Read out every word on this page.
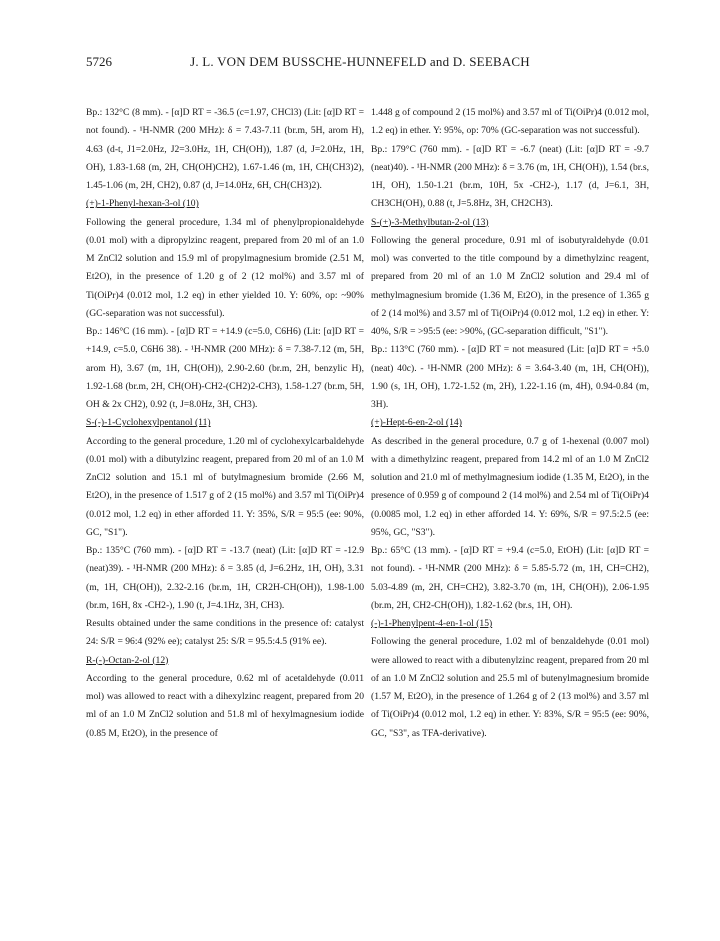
5726	J. L. VON DEM BUSSCHE-HUNNEFELD and D. SEEBACH

Bp.: 132°C (8 mm). - [α]D RT = -36.5 (c=1.97, CHCl3) (Lit: [α]D RT = not found). - ¹H-NMR (200 MHz): δ = 7.43-7.11 (br.m, 5H, arom H), 4.63 (d-t, J1=2.0Hz, J2=3.0Hz, 1H, CH(OH)), 1.87 (d, J=2.0Hz, 1H, OH), 1.83-1.68 (m, 2H, CH(OH)CH2), 1.67-1.46 (m, 1H, CH(CH3)2), 1.45-1.06 (m, 2H, CH2), 0.87 (d, J=14.0Hz, 6H, CH(CH3)2).

(+)-1-Phenyl-hexan-3-ol (10)

Following the general procedure, 1.34 ml of phenylpropionaldehyde (0.01 mol) with a dipropylzinc reagent, prepared from 20 ml of an 1.0 M ZnCl2 solution and 15.9 ml of propylmagnesium bromide (2.51 M, Et2O), in the presence of 1.20 g of 2 (12 mol%) and 3.57 ml of Ti(OiPr)4 (0.012 mol, 1.2 eq) in ether yielded 10. Y: 60%, op: ~90% (GC-separation was not successful).

Bp.: 146°C (16 mm). - [α]D RT = +14.9 (c=5.0, C6H6) (Lit: [α]D RT = +14.9, c=5.0, C6H6 38). - ¹H-NMR (200 MHz): δ = 7.38-7.12 (m, 5H, arom H), 3.67 (m, 1H, CH(OH)), 2.90-2.60 (br.m, 2H, benzylic H), 1.92-1.68 (br.m, 2H, CH(OH)-CH2-(CH2)2-CH3), 1.58-1.27 (br.m, 5H, OH & 2x CH2), 0.92 (t, J=8.0Hz, 3H, CH3).

S-(-)-1-Cyclohexylpentanol (11)

According to the general procedure, 1.20 ml of cyclohexylcarbaldehyde (0.01 mol) with a dibutylzinc reagent, prepared from 20 ml of an 1.0 M ZnCl2 solution and 15.1 ml of butylmagnesium bromide (2.66 M, Et2O), in the presence of 1.517 g of 2 (15 mol%) and 3.57 ml Ti(OiPr)4 (0.012 mol, 1.2 eq) in ether afforded 11. Y: 35%, S/R = 95:5 (ee: 90%, GC, "S1").

Bp.: 135°C (760 mm). - [α]D RT = -13.7 (neat) (Lit: [α]D RT = -12.9 (neat)39). - ¹H-NMR (200 MHz): δ = 3.85 (d, J=6.2Hz, 1H, OH), 3.31 (m, 1H, CH(OH)), 2.32-2.16 (br.m, 1H, CR2H-CH(OH)), 1.98-1.00 (br.m, 16H, 8x -CH2-), 1.90 (t, J=4.1Hz, 3H, CH3).

Results obtained under the same conditions in the presence of: catalyst 24: S/R = 96:4 (92% ee); catalyst 25: S/R = 95.5:4.5 (91% ee).

R-(-)-Octan-2-ol (12)

According to the general procedure, 0.62 ml of acetaldehyde (0.011 mol) was allowed to react with a dihexylzinc reagent, prepared from 20 ml of an 1.0 M ZnCl2 solution and 51.8 ml of hexylmagnesium iodide (0.85 M, Et2O), in the presence of

1.448 g of compound 2 (15 mol%) and 3.57 ml of Ti(OiPr)4 (0.012 mol, 1.2 eq) in ether. Y: 95%, op: 70% (GC-separation was not successful).

Bp.: 179°C (760 mm). - [α]D RT = -6.7 (neat) (Lit: [α]D RT = -9.7 (neat)40). - ¹H-NMR (200 MHz): δ = 3.76 (m, 1H, CH(OH)), 1.54 (br.s, 1H, OH), 1.50-1.21 (br.m, 10H, 5x -CH2-), 1.17 (d, J=6.1, 3H, CH3CH(OH), 0.88 (t, J=5.8Hz, 3H, CH2CH3).

S-(+)-3-Methylbutan-2-ol (13)

Following the general procedure, 0.91 ml of isobutyraldehyde (0.01 mol) was converted to the title compound by a dimethylzinc reagent, prepared from 20 ml of an 1.0 M ZnCl2 solution and 29.4 ml of methylmagnesium bromide (1.36 M, Et2O), in the presence of 1.365 g of 2 (14 mol%) and 3.57 ml of Ti(OiPr)4 (0.012 mol, 1.2 eq) in ether. Y: 40%, S/R = >95:5 (ee: >90%, (GC-separation difficult, "S1").

Bp.: 113°C (760 mm). - [α]D RT = not measured (Lit: [α]D RT = +5.0 (neat) 40c). - ¹H-NMR (200 MHz): δ = 3.64-3.40 (m, 1H, CH(OH)), 1.90 (s, 1H, OH), 1.72-1.52 (m, 2H), 1.22-1.16 (m, 4H), 0.94-0.84 (m, 3H).

(+)-Hept-6-en-2-ol (14)

As described in the general procedure, 0.7 g of 1-hexenal (0.007 mol) with a dimethylzinc reagent, prepared from 14.2 ml of an 1.0 M ZnCl2 solution and 21.0 ml of methylmagnesium iodide (1.35 M, Et2O), in the presence of 0.959 g of compound 2 (14 mol%) and 2.54 ml of Ti(OiPr)4 (0.0085 mol, 1.2 eq) in ether afforded 14. Y: 69%, S/R = 97.5:2.5 (ee: 95%, GC, "S3").

Bp.: 65°C (13 mm). - [α]D RT = +9.4 (c=5.0, EtOH) (Lit: [α]D RT = not found). - ¹H-NMR (200 MHz): δ = 5.85-5.72 (m, 1H, CH=CH2), 5.03-4.89 (m, 2H, CH=CH2), 3.82-3.70 (m, 1H, CH(OH)), 2.06-1.95 (br.m, 2H, CH2-CH(OH)), 1.82-1.62 (br.s, 1H, OH).

(-)-1-Phenylpent-4-en-1-ol (15)

Following the general procedure, 1.02 ml of benzaldehyde (0.01 mol) were allowed to react with a dibutenylzinc reagent, prepared from 20 ml of an 1.0 M ZnCl2 solution and 25.5 ml of butenylmagnesium bromide (1.57 M, Et2O), in the presence of 1.264 g of 2 (13 mol%) and 3.57 ml of Ti(OiPr)4 (0.012 mol, 1.2 eq) in ether. Y: 83%, S/R = 95:5 (ee: 90%, GC, "S3", as TFA-derivative).
